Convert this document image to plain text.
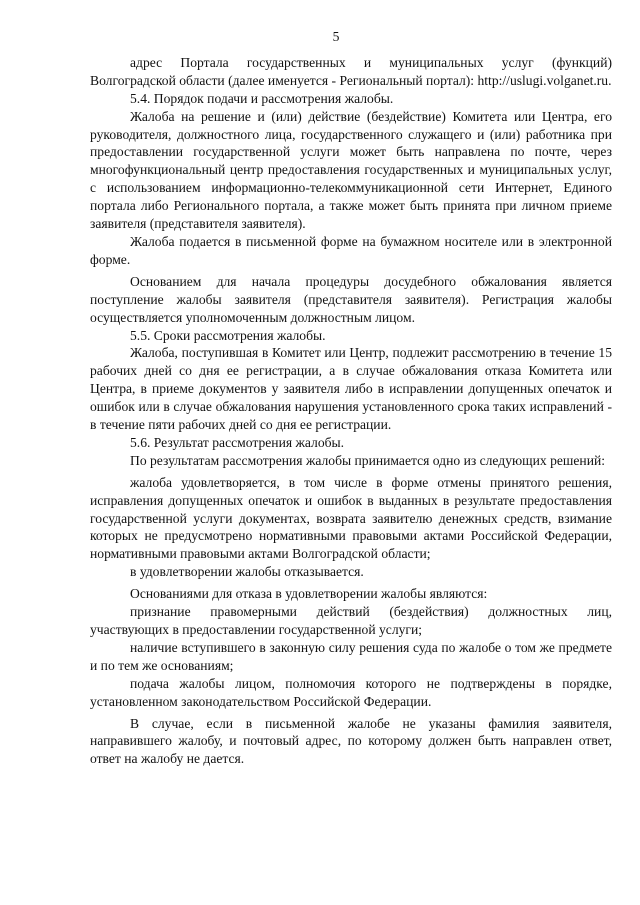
5

адрес Портала государственных и муниципальных услуг (функций) Волгоградской области (далее именуется - Региональный портал): http://uslugi.volganet.ru.

5.4. Порядок подачи и рассмотрения жалобы.

Жалоба на решение и (или) действие (бездействие) Комитета или Центра, его руководителя, должностного лица, государственного служащего и (или) работника при предоставлении государственной услуги может быть направлена по почте, через многофункциональный центр предоставления государственных и муниципальных услуг, с использованием информационно-телекоммуникационной сети Интернет, Единого портала либо Регионального портала, а также может быть принята при личном приеме заявителя (представителя заявителя).

Жалоба подается в письменной форме на бумажном носителе или в электронной форме.

Основанием для начала процедуры досудебного обжалования является поступление жалобы заявителя (представителя заявителя). Регистрация жалобы осуществляется уполномоченным должностным лицом.

5.5. Сроки рассмотрения жалобы.

Жалоба, поступившая в Комитет или Центр, подлежит рассмотрению в течение 15 рабочих дней со дня ее регистрации, а в случае обжалования отказа Комитета или Центра, в приеме документов у заявителя либо в исправлении допущенных опечаток и ошибок или в случае обжалования нарушения установленного срока таких исправлений - в течение пяти рабочих дней со дня ее регистрации.

5.6. Результат рассмотрения жалобы.

По результатам рассмотрения жалобы принимается одно из следующих решений:

жалоба удовлетворяется, в том числе в форме отмены принятого решения, исправления допущенных опечаток и ошибок в выданных в результате предоставления государственной услуги документах, возврата заявителю денежных средств, взимание которых не предусмотрено нормативными правовыми актами Российской Федерации, нормативными правовыми актами Волгоградской области;

в удовлетворении жалобы отказывается.

Основаниями для отказа в удовлетворении жалобы являются:

признание правомерными действий (бездействия) должностных лиц, участвующих в предоставлении государственной услуги;

наличие вступившего в законную силу решения суда по жалобе о том же предмете и по тем же основаниям;

подача жалобы лицом, полномочия которого не подтверждены в порядке, установленном законодательством Российской Федерации.

В случае, если в письменной жалобе не указаны фамилия заявителя, направившего жалобу, и почтовый адрес, по которому должен быть направлен ответ, ответ на жалобу не дается.
